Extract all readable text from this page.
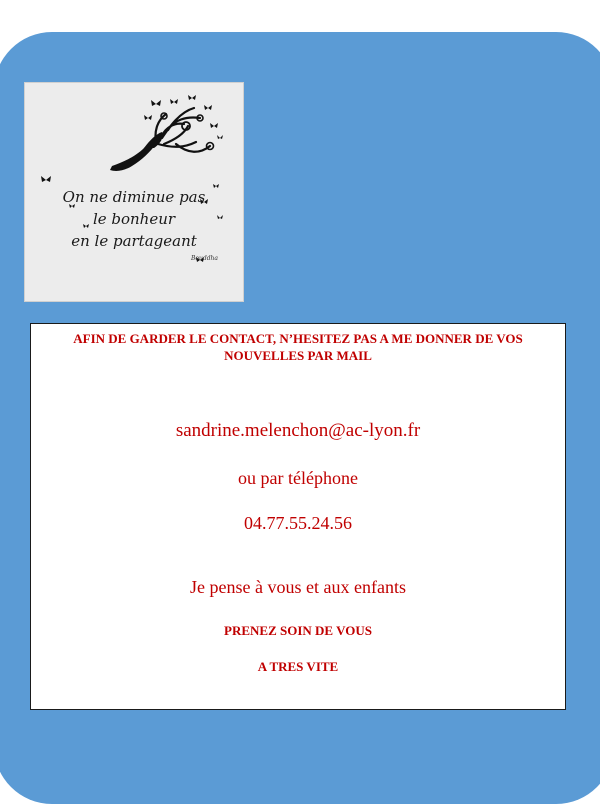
On ne diminue pas
le bonheur
en le partageant
Bouddha
AFIN DE GARDER LE CONTACT, N’HESITEZ PAS A ME DONNER DE VOS NOUVELLES PAR MAIL
sandrine.melenchon@ac-lyon.fr
ou par téléphone
04.77.55.24.56
Je pense à vous et aux enfants
PRENEZ SOIN DE VOUS
A TRES VITE
